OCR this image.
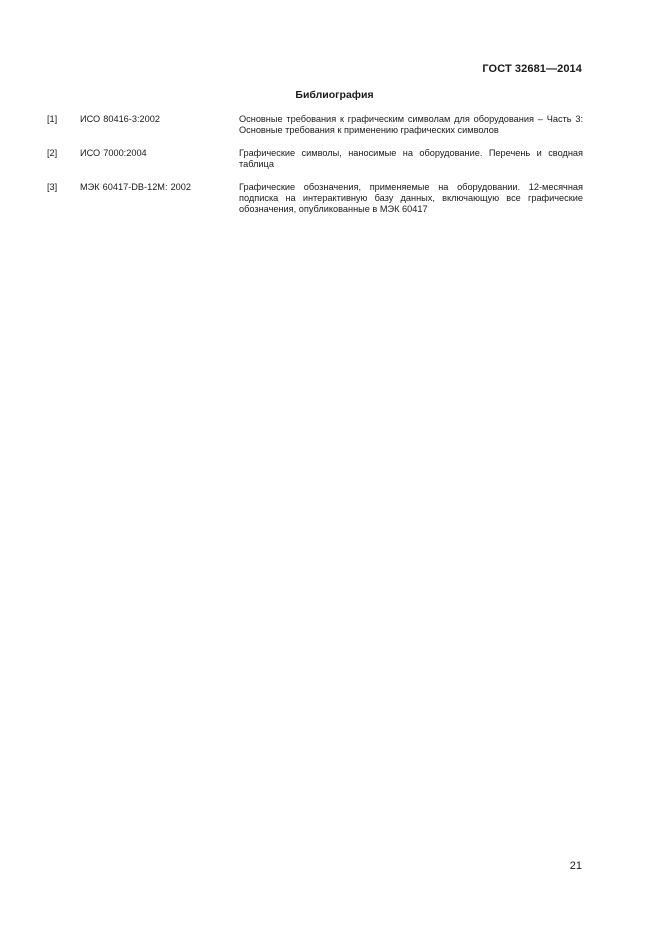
ГОСТ 32681—2014
Библиография
[1]	ИСО 80416-3:2002	Основные требования к графическим символам для оборудования – Часть 3: Основные требования к применению графических символов
[2]	ИСО 7000:2004	Графические символы, наносимые на оборудование. Перечень и сводная таблица
[3]	МЭК 60417-DB-12M: 2002	Графические обозначения, применяемые на оборудовании. 12-месячная подписка на интерактивную базу данных, включающую все графические обозначения, опубликованные в МЭК 60417
21
